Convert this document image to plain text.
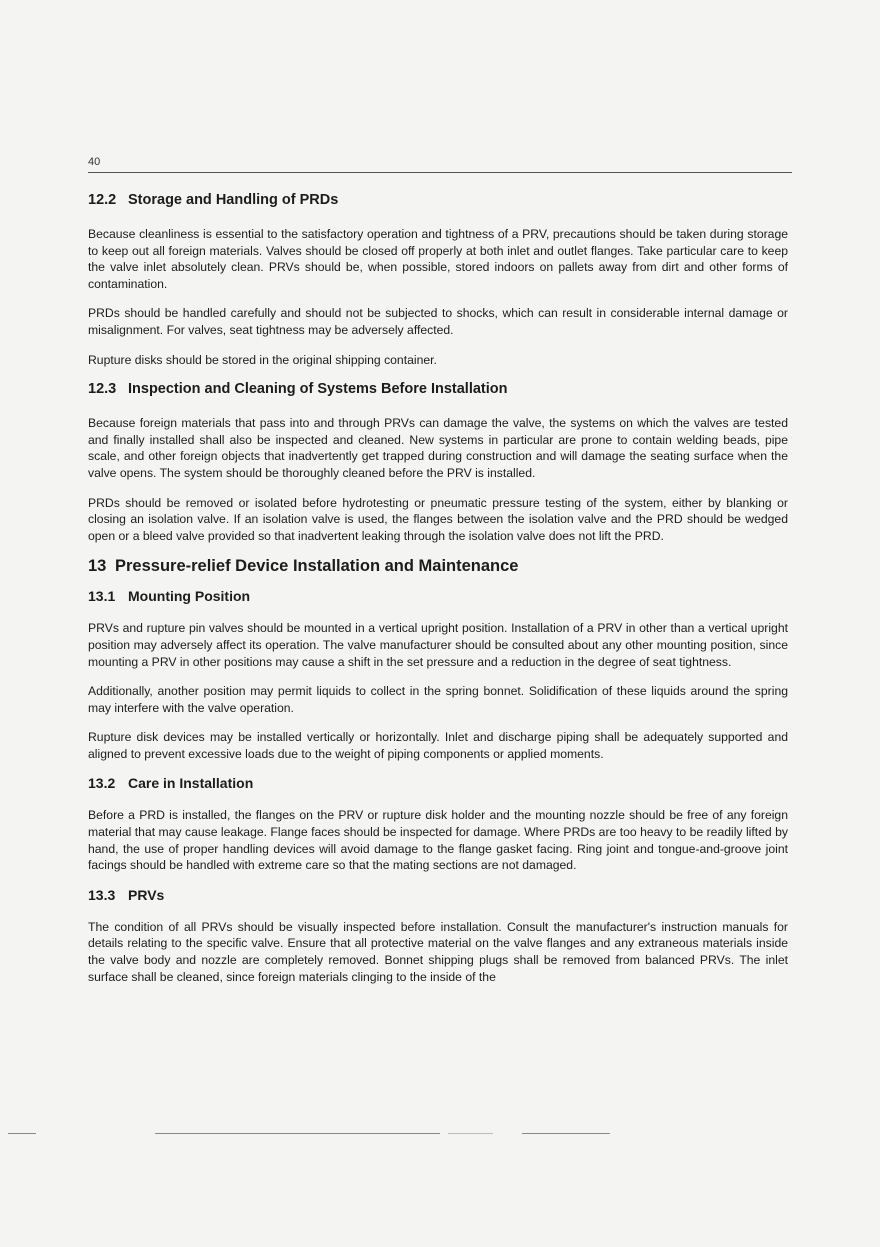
40
12.2 Storage and Handling of PRDs

Because cleanliness is essential to the satisfactory operation and tightness of a PRV, precautions should be taken during storage to keep out all foreign materials. Valves should be closed off properly at both inlet and outlet flanges. Take particular care to keep the valve inlet absolutely clean. PRVs should be, when possible, stored indoors on pallets away from dirt and other forms of contamination.

PRDs should be handled carefully and should not be subjected to shocks, which can result in considerable internal damage or misalignment. For valves, seat tightness may be adversely affected.

Rupture disks should be stored in the original shipping container.

12.3 Inspection and Cleaning of Systems Before Installation

Because foreign materials that pass into and through PRVs can damage the valve, the systems on which the valves are tested and finally installed shall also be inspected and cleaned. New systems in particular are prone to contain welding beads, pipe scale, and other foreign objects that inadvertently get trapped during construction and will damage the seating surface when the valve opens. The system should be thoroughly cleaned before the PRV is installed.

PRDs should be removed or isolated before hydrotesting or pneumatic pressure testing of the system, either by blanking or closing an isolation valve. If an isolation valve is used, the flanges between the isolation valve and the PRD should be wedged open or a bleed valve provided so that inadvertent leaking through the isolation valve does not lift the PRD.

13 Pressure-relief Device Installation and Maintenance
13.1 Mounting Position

PRVs and rupture pin valves should be mounted in a vertical upright position. Installation of a PRV in other than a vertical upright position may adversely affect its operation. The valve manufacturer should be consulted about any other mounting position, since mounting a PRV in other positions may cause a shift in the set pressure and a reduction in the degree of seat tightness.

Additionally, another position may permit liquids to collect in the spring bonnet. Solidification of these liquids around the spring may interfere with the valve operation.

Rupture disk devices may be installed vertically or horizontally. Inlet and discharge piping shall be adequately supported and aligned to prevent excessive loads due to the weight of piping components or applied moments.

13.2 Care in Installation

Before a PRD is installed, the flanges on the PRV or rupture disk holder and the mounting nozzle should be free of any foreign material that may cause leakage. Flange faces should be inspected for damage. Where PRDs are too heavy to be readily lifted by hand, the use of proper handling devices will avoid damage to the flange gasket facing. Ring joint and tongue-and-groove joint facings should be handled with extreme care so that the mating sections are not damaged.

13.3 PRVs

The condition of all PRVs should be visually inspected before installation. Consult the manufacturer's instruction manuals for details relating to the specific valve. Ensure that all protective material on the valve flanges and any extraneous materials inside the valve body and nozzle are completely removed. Bonnet shipping plugs shall be removed from balanced PRVs. The inlet surface shall be cleaned, since foreign materials clinging to the inside of the
